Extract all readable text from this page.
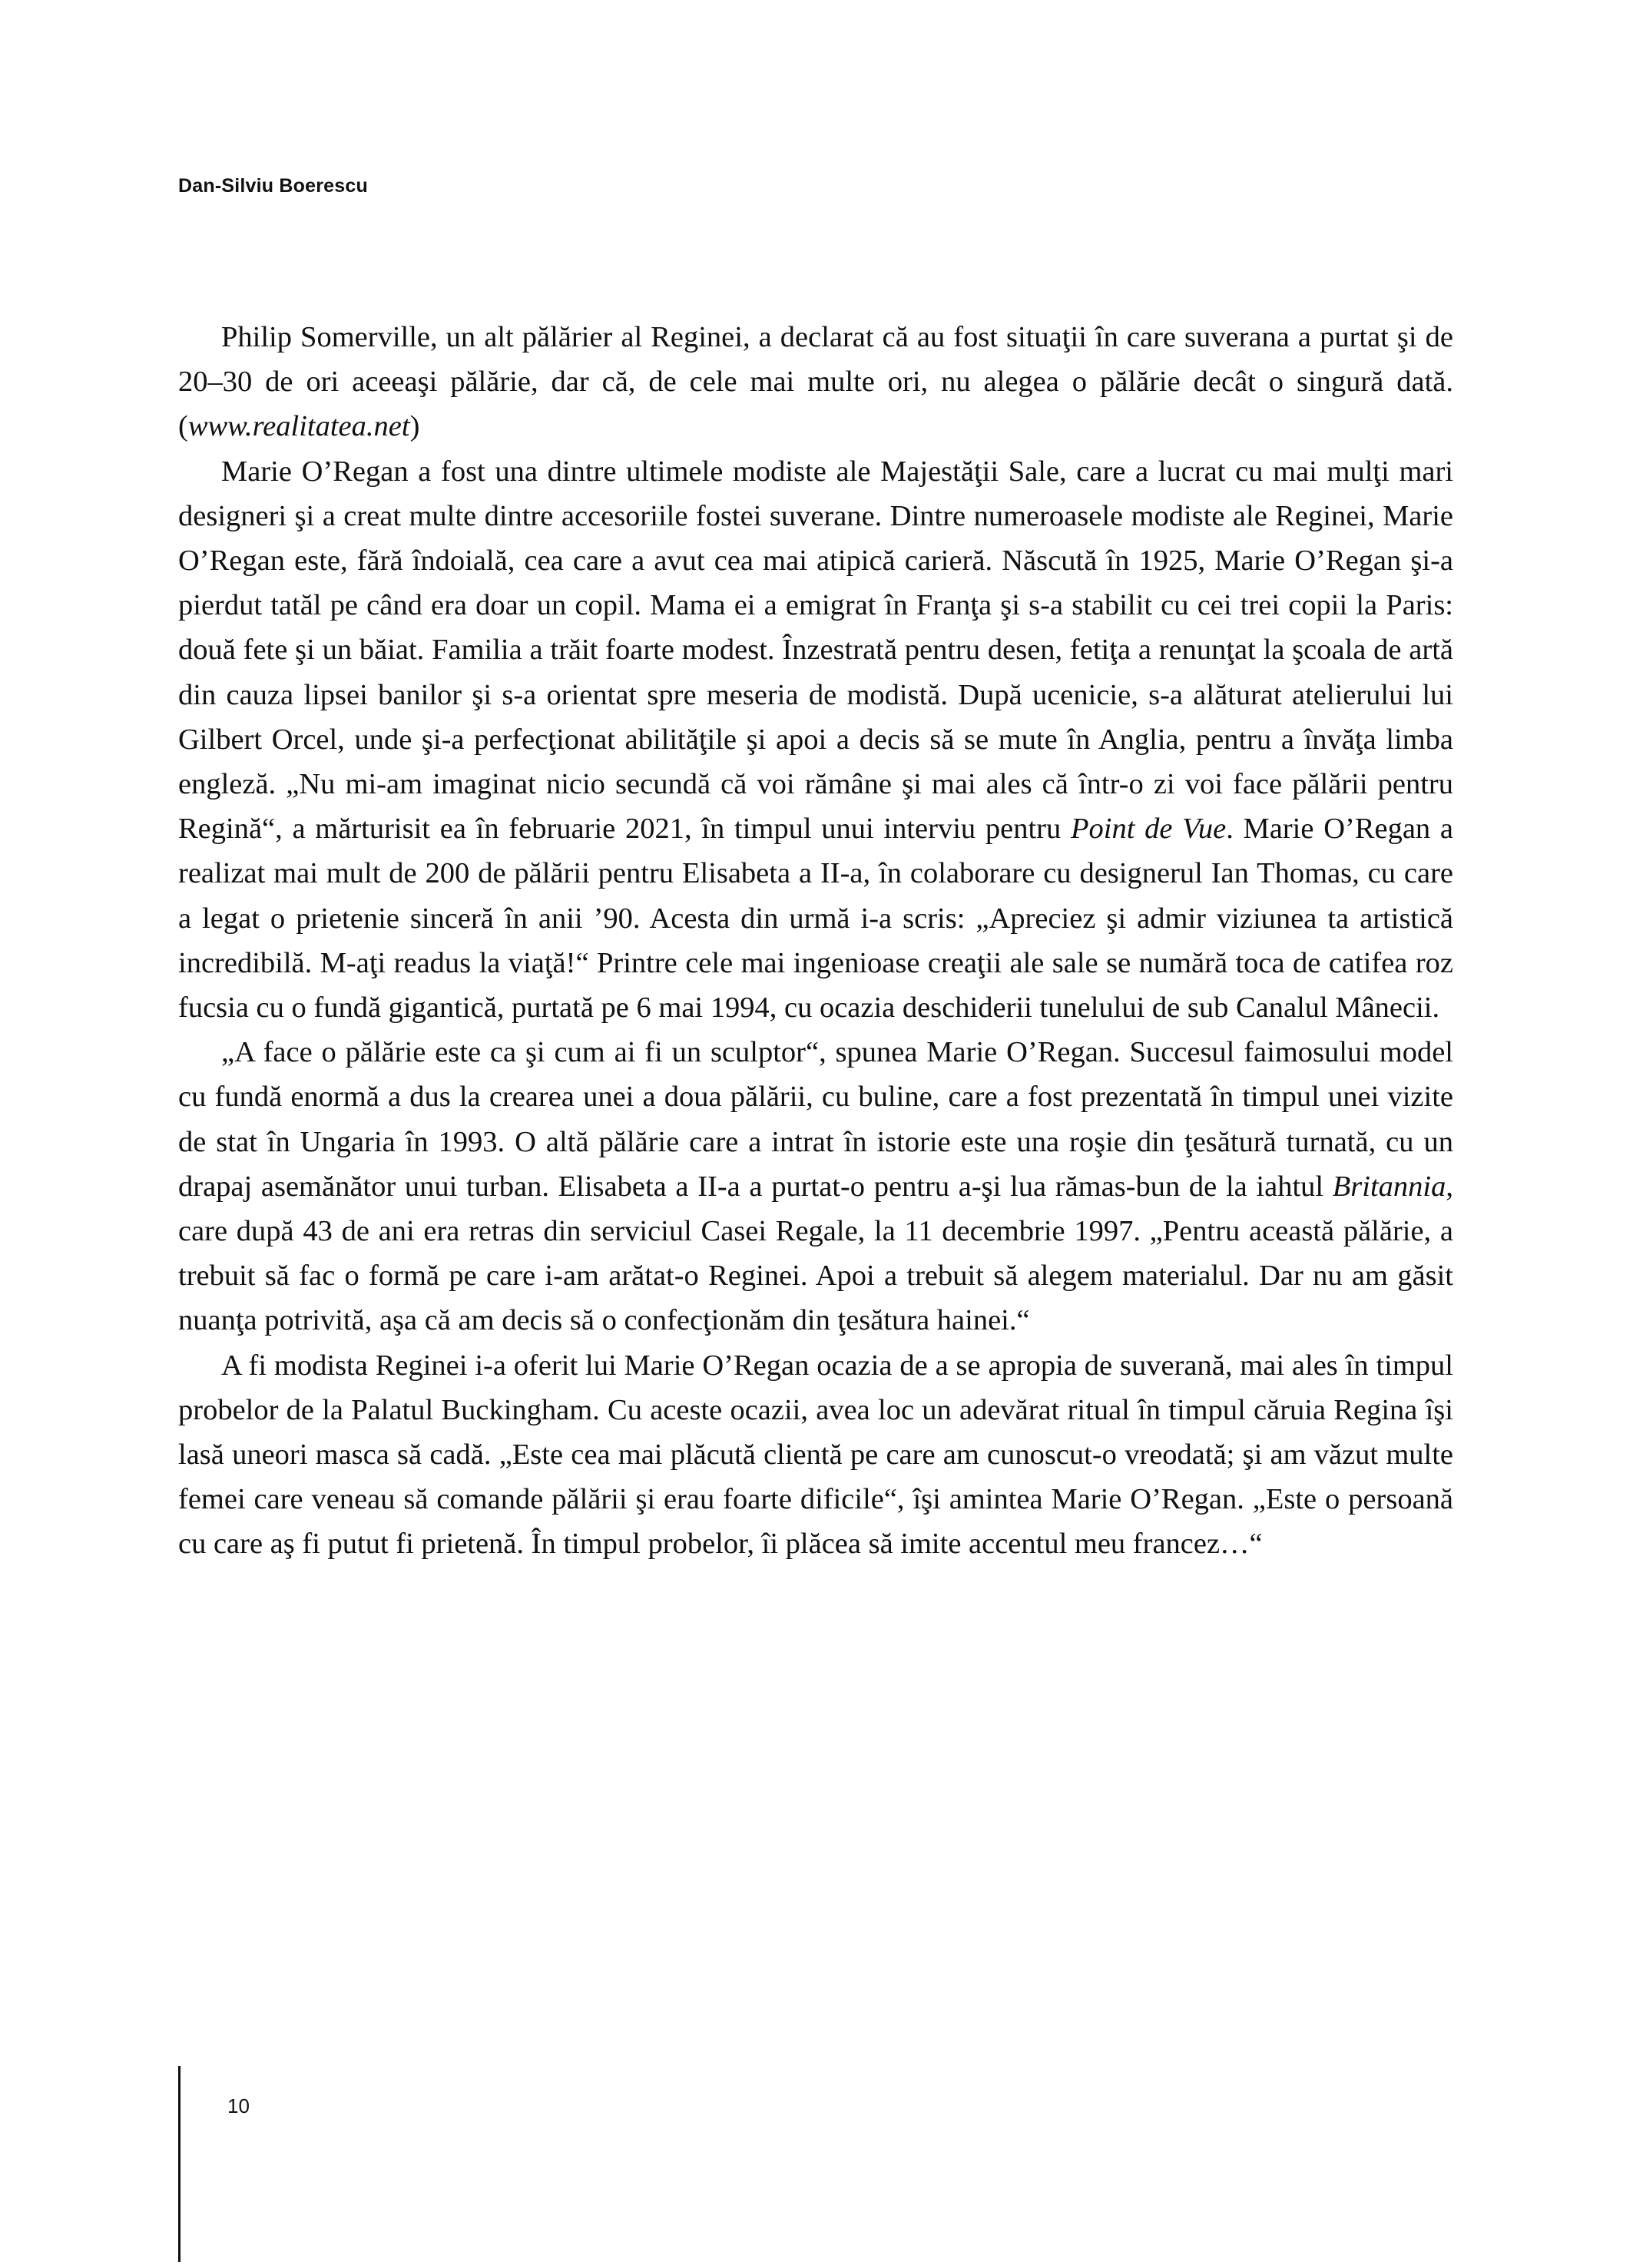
Dan-Silviu Boerescu

Philip Somerville, un alt pălărier al Reginei, a declarat că au fost situaţii în care suverana a purtat şi de 20–30 de ori aceeaşi pălărie, dar că, de cele mai multe ori, nu alegea o pălărie decât o singură dată. (www.realitatea.net)

Marie O’Regan a fost una dintre ultimele modiste ale Majestăţii Sale, care a lucrat cu mai mulţi mari designeri şi a creat multe dintre accesoriile fostei suverane. Dintre numeroasele modiste ale Reginei, Marie O’Regan este, fără îndoială, cea care a avut cea mai atipică carieră. Născută în 1925, Marie O’Regan şi-a pierdut tatăl pe când era doar un copil. Mama ei a emigrat în Franţa şi s-a stabilit cu cei trei copii la Paris: două fete şi un băiat. Familia a trăit foarte modest. Înzestrată pentru desen, fetiţa a renunţat la şcoala de artă din cauza lipsei banilor şi s-a orientat spre meseria de modistă. După ucenicie, s-a alăturat atelierului lui Gilbert Orcel, unde şi-a perfecţionat abilităţile şi apoi a decis să se mute în Anglia, pentru a învăţa limba engleză. „Nu mi-am imaginat nicio secundă că voi rămâne şi mai ales că într-o zi voi face pălării pentru Regină“, a mărturisit ea în februarie 2021, în timpul unui interviu pentru Point de Vue. Marie O’Regan a realizat mai mult de 200 de pălării pentru Elisabeta a II-a, în colaborare cu designerul Ian Thomas, cu care a legat o prietenie sinceră în anii ’90. Acesta din urmă i-a scris: „Apreciez şi admir viziunea ta artistică incredibilă. M-aţi readus la viaţă!“ Printre cele mai ingenioase creaţii ale sale se numără toca de catifea roz fucsia cu o fundă gigantică, purtată pe 6 mai 1994, cu ocazia deschiderii tunelului de sub Canalul Mânecii.

„A face o pălărie este ca şi cum ai fi un sculptor“, spunea Marie O’Regan. Succesul faimosului model cu fundă enormă a dus la crearea unei a doua pălării, cu buline, care a fost prezentată în timpul unei vizite de stat în Ungaria în 1993. O altă pălărie care a intrat în istorie este una roşie din ţesătură turnată, cu un drapaj asemănător unui turban. Elisabeta a II-a a purtat-o pentru a-şi lua rămas-bun de la iahtul Britannia, care după 43 de ani era retras din serviciul Casei Regale, la 11 decembrie 1997. „Pentru această pălărie, a trebuit să fac o formă pe care i-am arătat-o Reginei. Apoi a trebuit să alegem materialul. Dar nu am găsit nuanţa potrivită, aşa că am decis să o confecţionăm din ţesătura hainei.“

A fi modista Reginei i-a oferit lui Marie O’Regan ocazia de a se apropia de suverană, mai ales în timpul probelor de la Palatul Buckingham. Cu aceste ocazii, avea loc un adevărat ritual în timpul căruia Regina îşi lasă uneori masca să cadă. „Este cea mai plăcută clientă pe care am cunoscut-o vreodată; şi am văzut multe femei care veneau să comande pălării şi erau foarte dificile“, îşi amintea Marie O’Regan. „Este o persoană cu care aş fi putut fi prietenă. În timpul probelor, îi plăcea să imite accentul meu francez…“

10
